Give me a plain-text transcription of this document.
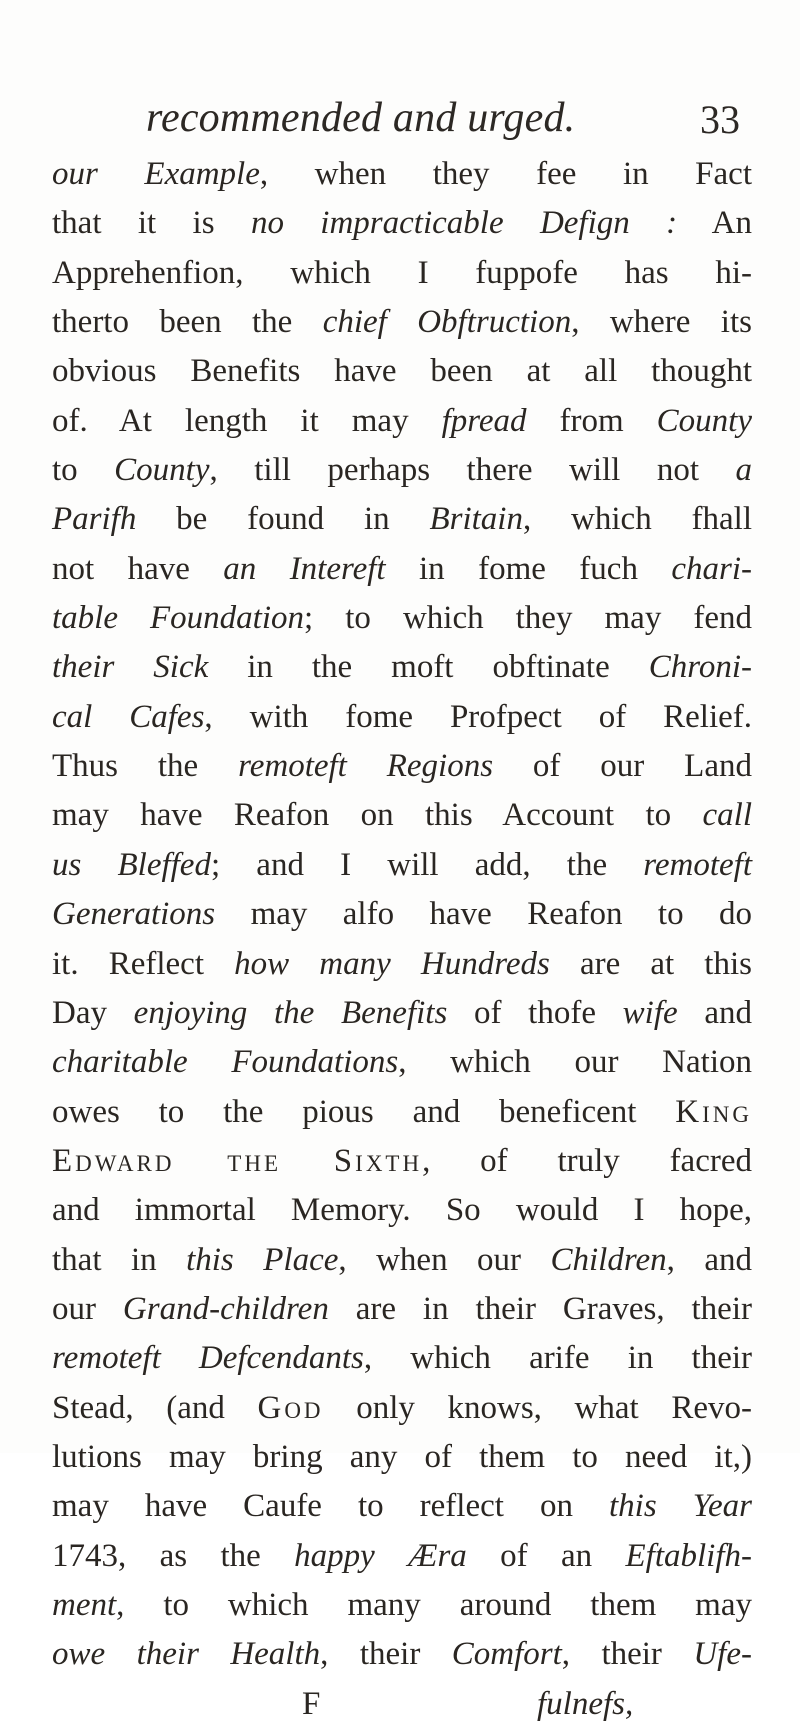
recommended and urged.	33
our Example, when they fee in Fact
that it is no impracticable Defign : An
Apprehenfion, which I fuppofe has hi-
therto been the chief Obftruction, where its
obvious Benefits have been at all thought
of. At length it may fpread from County
to County, till perhaps there will not a
Parifh be found in Britain, which fhall
not have an Intereft in fome fuch chari-
table Foundation; to which they may fend
their Sick in the moft obftinate Chroni-
cal Cafes, with fome Profpect of Relief.
Thus the remoteft Regions of our Land
may have Reafon on this Account to call
us Bleffed; and I will add, the remoteft
Generations may alfo have Reafon to do
it. Reflect how many Hundreds are at this
Day enjoying the Benefits of thofe wife and
charitable Foundations, which our Nation
owes to the pious and beneficent King
Edward the Sixth, of truly facred
and immortal Memory. So would I hope,
that in this Place, when our Children, and
our Grand-children are in their Graves, their
remoteft Defcendants, which arife in their
Stead, (and God only knows, what Revo-
lutions may bring any of them to need it,)
may have Caufe to reflect on this Year
1743, as the happy Æra of an Eftablifh-
ment, to which many around them may
owe their Health, their Comfort, their Ufe-
F	fulnefs,
